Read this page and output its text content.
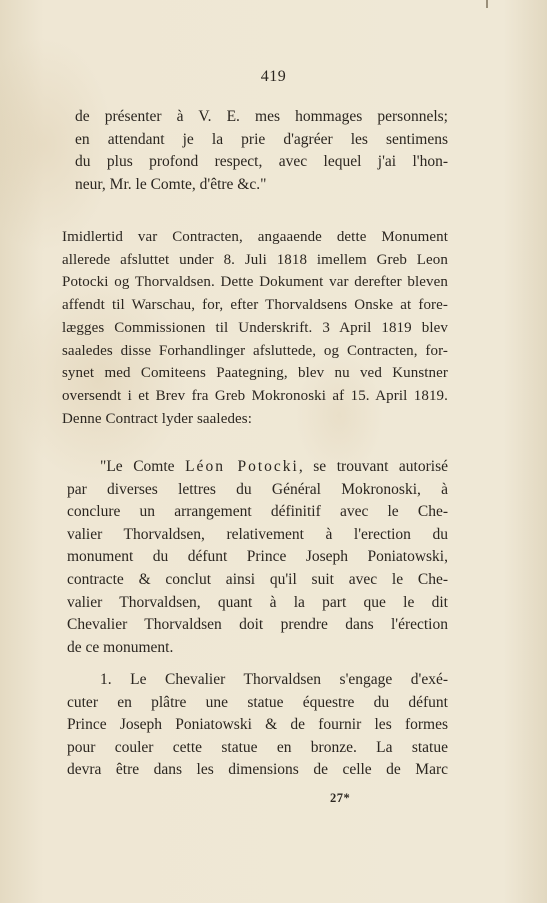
419
de présenter à V. E. mes hommages personnels;
en attendant je la prie d'agréer les sentimens
du plus profond respect, avec lequel j'ai l'hon-
neur, Mr. le Comte, d'être &c."
Imidlertid var Contracten, angaaende dette Monument
allerede afsluttet under 8. Juli 1818 imellem Greb Leon
Potocki og Thorvaldsen. Dette Dokument var derefter bleven
affendt til Warschau, for, efter Thorvaldsens Onske at fore-
lægges Commissionen til Underskrift. 3 April 1819 blev
saaledes disse Forhandlinger afsluttede, og Contracten, for-
synet med Comiteens Paategning, blev nu ved Kunstner
oversendt i et Brev fra Greb Mokronoski af 15. April 1819.
Denne Contract lyder saaledes:
"Le Comte Léon Potocki, se trouvant autorisé
par diverses lettres du Général Mokronoski, à
conclure un arrangement définitif avec le Che-
valier Thorvaldsen, relativement à l'erection du
monument du défunt Prince Joseph Poniatowski,
contracte & conclut ainsi qu'il suit avec le Che-
valier Thorvaldsen, quant à la part que le dit
Chevalier Thorvaldsen doit prendre dans l'érection
de ce monument.
1. Le Chevalier Thorvaldsen s'engage d'exé-
cuter en plâtre une statue équestre du défunt
Prince Joseph Poniatowski & de fournir les formes
pour couler cette statue en bronze. La statue
devra être dans les dimensions de celle de Marc
27*
